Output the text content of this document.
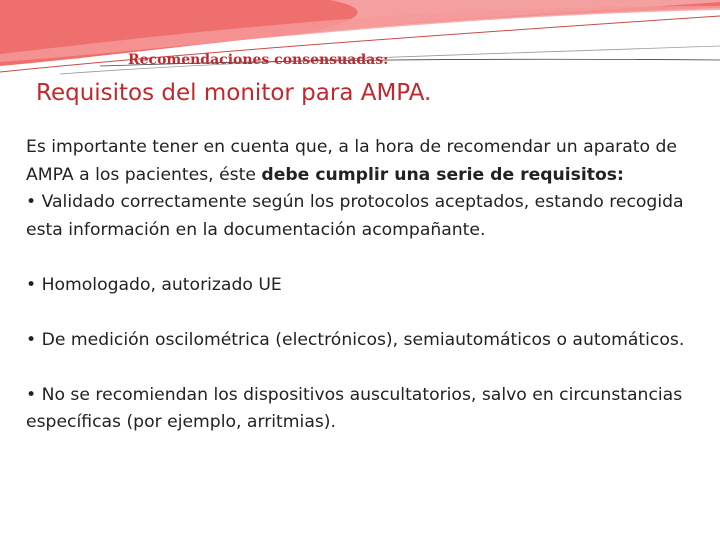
Recomendaciones consensuadas:
Requisitos del monitor para AMPA.

Es importante tener en cuenta que, a la hora de recomendar un aparato de AMPA a los pacientes, éste debe cumplir una serie de requisitos:

• Validado correctamente según los protocolos aceptados, estando recogida esta información en la documentación acompañante.

• Homologado, autorizado UE

• De medición oscilométrica (electrónicos), semiautomáticos o automáticos.

• No se recomiendan los dispositivos auscultatorios, salvo en circunstancias específicas (por ejemplo, arritmias).
